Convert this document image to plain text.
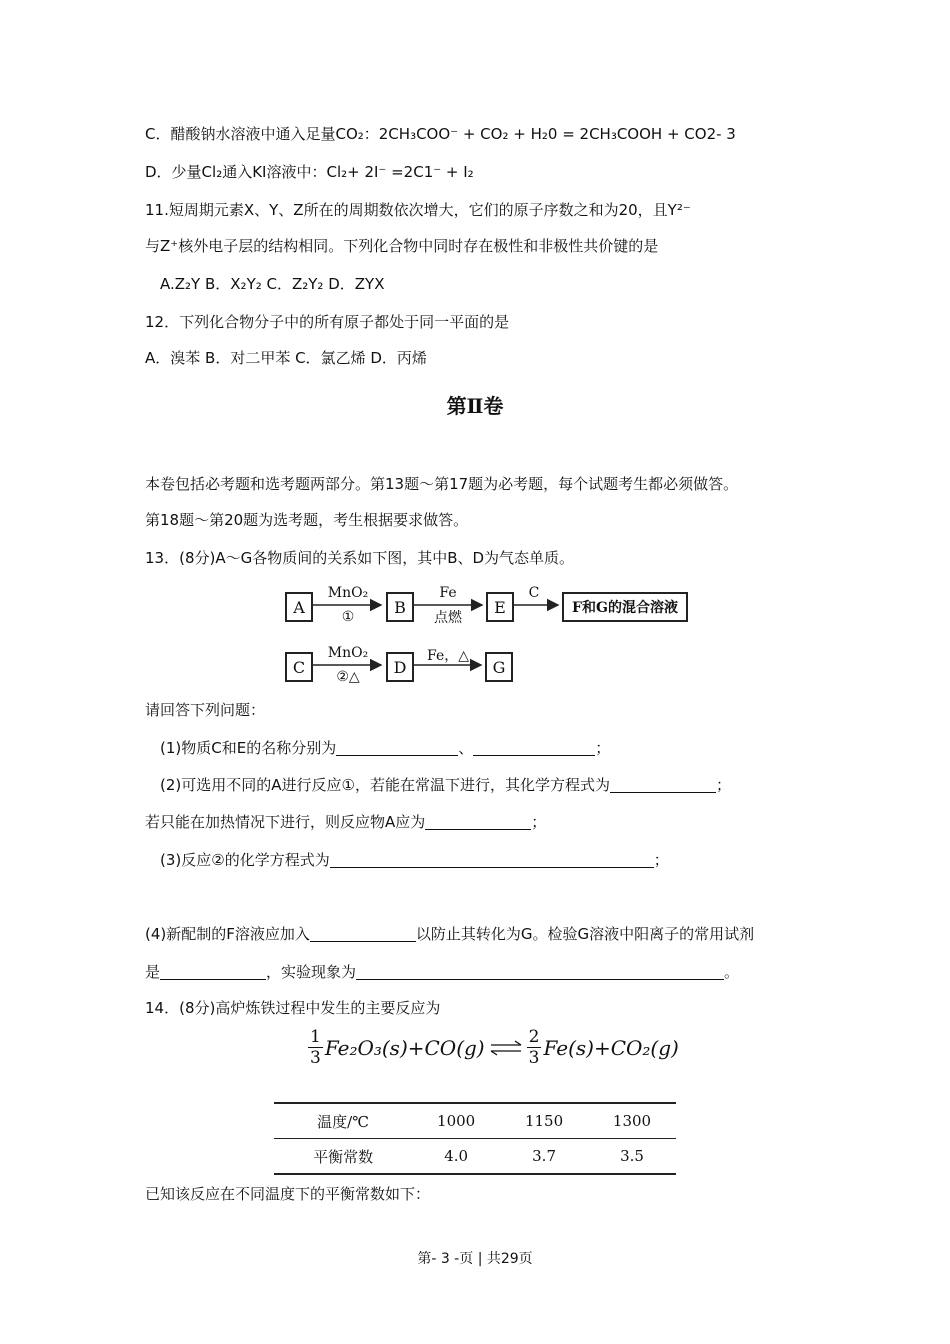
C．醋酸钠水溶液中通入足量CO₂：2CH₃COO⁻ + CO₂ + H₂0 = 2CH₃COOH + CO2- 3
D．少量Cl₂通入KI溶液中：Cl₂+ 2I⁻ =2C1⁻ + I₂
11.短周期元素X、Y、Z所在的周期数依次增大，它们的原子序数之和为20，且Y²⁻
与Z⁺核外电子层的结构相同。下列化合物中同时存在极性和非极性共价键的是
A.Z₂Y B．X₂Y₂ C．Z₂Y₂ D．ZYX
12．下列化合物分子中的所有原子都处于同一平面的是
A．溴苯 B．对二甲苯 C．氯乙烯 D．丙烯
第Ⅱ卷
本卷包括必考题和选考题两部分。第13题～第17题为必考题，每个试题考生都必须做答。
第18题～第20题为选考题，考生根据要求做答。
13．(8分)A～G各物质间的关系如下图，其中B、D为气态单质。
A
MnO₂
①
B
Fe
点燃
E
C
F和G的混合溶液
C
MnO₂
②△
D
Fe，△
G
请回答下列问题：
(1)物质C和E的名称分别为	、	；
(2)可选用不同的A进行反应①，若能在常温下进行，其化学方程式为	；
若只能在加热情况下进行，则反应物A应为	；
(3)反应②的化学方程式为	；
(4)新配制的F溶液应加入	以防止其转化为G。检验G溶液中阳离子的常用试剂
是	，实验现象为	。
14．(8分)高炉炼铁过程中发生的主要反应为
$\frac{1}{3} Fe_2O_3(s)+CO(g)$ ⇌ $\frac{2}{3} Fe(s)+CO_2(g)$
温度/℃	1000	1150	1300
平衡常数	4.0	3.7	3.5
已知该反应在不同温度下的平衡常数如下：
第- 3 -页 | 共29页
